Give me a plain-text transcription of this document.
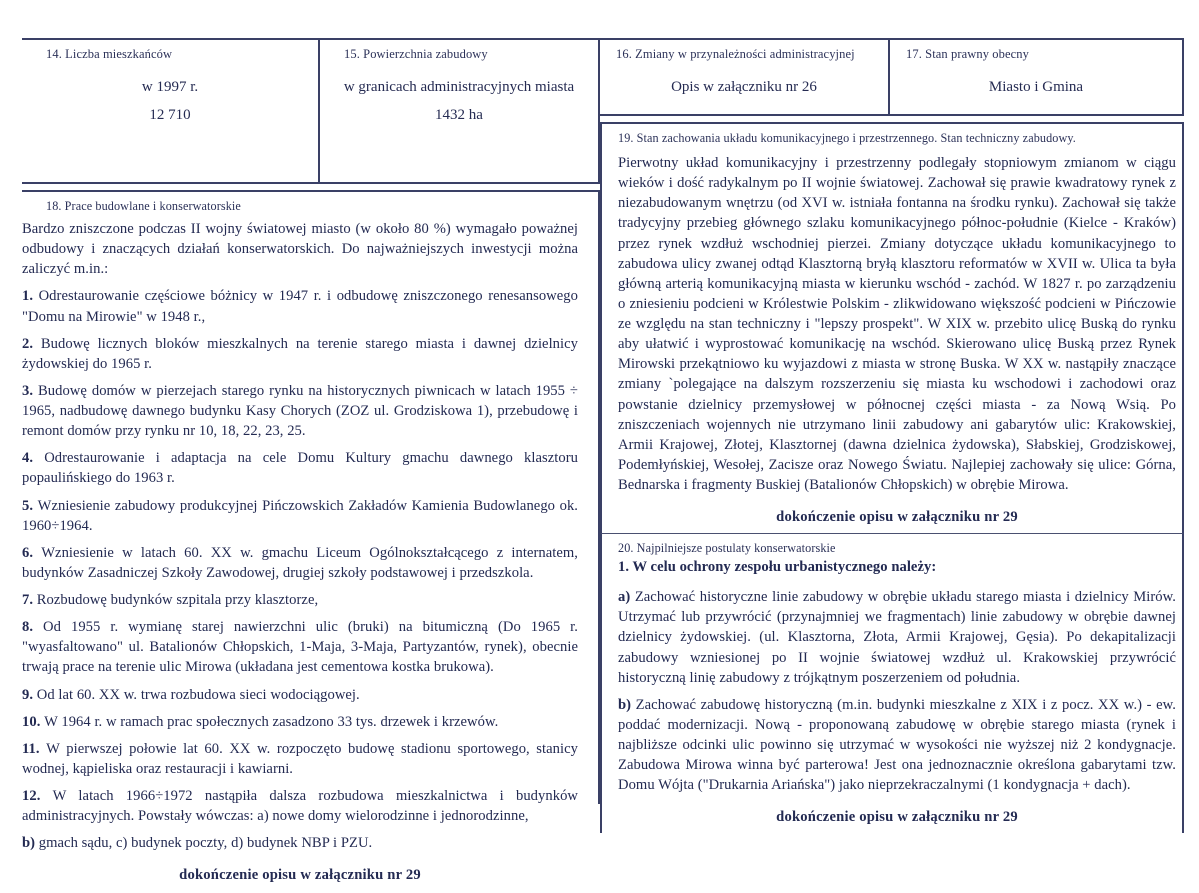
14. Liczba mieszkańców
w 1997 r.
12 710
15. Powierzchnia zabudowy
w granicach administracyjnych miasta
1432 ha
16. Zmiany w przynależności administracyjnej
Opis w załączniku nr 26
17. Stan prawny obecny
Miasto i Gmina
19. Stan zachowania układu komunikacyjnego i przestrzennego. Stan techniczny zabudowy.

Pierwotny układ komunikacyjny i przestrzenny podlegały stopniowym zmianom w ciągu wieków i dość radykalnym po II wojnie światowej. Zachował się prawie kwadratowy rynek z niezabudowanym wnętrzu (od XVI w. istniała fontanna na środku rynku). Zachował się także tradycyjny przebieg głównego szlaku komunikacyjnego północ-południe (Kielce - Kraków) przez rynek wzdłuż wschodniej pierzei. Zmiany dotyczące układu komunikacyjnego to zabudowa ulicy zwanej odtąd Klasztorną bryłą klasztoru reformatów w XVII w. Ulica ta była główną arterią komunikacyjną miasta w kierunku wschód - zachód. W 1827 r. po zarządzeniu o zniesieniu podcieni w Królestwie Polskim - zlikwidowano większość podcieni w Pińczowie ze względu na stan techniczny i "lepszy prospekt". W XIX w. przebito ulicę Buską do rynku aby ułatwić i wyprostować komunikację na wschód. Skierowano ulicę Buską przez Rynek Mirowski przekątniowo ku wyjazdowi z miasta w stronę Buska. W XX w. nastąpiły znaczące zmiany `polegające na dalszym rozszerzeniu się miasta ku wschodowi i zachodowi oraz powstanie dzielnicy przemysłowej w północnej części miasta - za Nową Wsią. Po zniszczeniach wojennych nie utrzymano linii zabudowy ani gabarytów ulic: Krakowskiej, Armii Krajowej, Złotej, Klasztornej (dawna dzielnica żydowska), Słabskiej, Grodziskowej, Podemłyńskiej, Wesołej, Zacisze oraz Nowego Światu. Najlepiej zachowały się ulice: Górna, Bednarska i fragmenty Buskiej (Batalionów Chłopskich) w obrębie Mirowa.

dokończenie opisu w załączniku nr 29

18. Prace budowlane i konserwatorskie

Bardzo zniszczone podczas II wojny światowej miasto (w około 80 %) wymagało poważnej odbudowy i znaczących działań konserwatorskich. Do najważniejszych inwestycji można zaliczyć m.in.:

1. Odrestaurowanie częściowe bóżnicy w 1947 r. i odbudowę zniszczonego renesansowego "Domu na Mirowie" w 1948 r.,

2. Budowę licznych bloków mieszkalnych na terenie starego miasta i dawnej dzielnicy żydowskiej do 1965 r.

3. Budowę domów w pierzejach starego rynku na historycznych piwnicach w latach 1955 ÷ 1965, nadbudowę dawnego budynku Kasy Chorych (ZOZ ul. Grodziskowa 1), przebudowę i remont domów przy rynku nr 10, 18, 22, 23, 25.

4. Odrestaurowanie i adaptacja na cele Domu Kultury gmachu dawnego klasztoru popaulińskiego do 1963 r.

5. Wzniesienie zabudowy produkcyjnej Pińczowskich Zakładów Kamienia Budowlanego ok. 1960÷1964.

6. Wzniesienie w latach 60. XX w. gmachu Liceum Ogólnokształcącego z internatem, budynków Zasadniczej Szkoły Zawodowej, drugiej szkoły podstawowej i przedszkola.

7. Rozbudowę budynków szpitala przy klasztorze,

8. Od 1955 r. wymianę starej nawierzchni ulic (bruki) na bitumiczną (Do 1965 r. "wyasfaltowano" ul. Batalionów Chłopskich, 1-Maja, 3-Maja, Partyzantów, rynek), obecnie trwają prace na terenie ulic Mirowa (układana jest cementowa kostka brukowa).

9. Od lat 60. XX w. trwa rozbudowa sieci wodociągowej.

10. W 1964 r. w ramach prac społecznych zasadzono 33 tys. drzewek i krzewów.

11. W pierwszej połowie lat 60. XX w. rozpoczęto budowę stadionu sportowego, stanicy wodnej, kąpieliska oraz restauracji i kawiarni.

12. W latach 1966÷1972 nastąpiła dalsza rozbudowa mieszkalnictwa i budynków administracyjnych. Powstały wówczas: a) nowe domy wielorodzinne i jednorodzinne,

b) gmach sądu, c) budynek poczty, d) budynek NBP i PZU.

dokończenie opisu w załączniku nr 29

20. Najpilniejsze postulaty konserwatorskie

1. W celu ochrony zespołu urbanistycznego należy:

a) Zachować historyczne linie zabudowy w obrębie układu starego miasta i dzielnicy Mirów. Utrzymać lub przywrócić (przynajmniej we fragmentach) linie zabudowy w obrębie dawnej dzielnicy żydowskiej. (ul. Klasztorna, Złota, Armii Krajowej, Gęsia). Po dekapitalizacji zabudowy wzniesionej po II wojnie światowej wzdłuż ul. Krakowskiej przywrócić historyczną linię zabudowy z trójkątnym poszerzeniem od południa.

b) Zachować zabudowę historyczną (m.in. budynki mieszkalne z XIX i z pocz. XX w.) - ew. poddać modernizacji. Nową - proponowaną zabudowę w obrębie starego miasta (rynek i najbliższe odcinki ulic powinno się utrzymać w wysokości nie wyższej niż 2 kondygnacje. Zabudowa Mirowa winna być parterowa! Jest ona jednoznacznie określona gabarytami tzw. Domu Wójta ("Drukarnia Ariańska") jako nieprzekraczalnymi (1 kondygnacja + dach).

dokończenie opisu w załączniku nr 29
